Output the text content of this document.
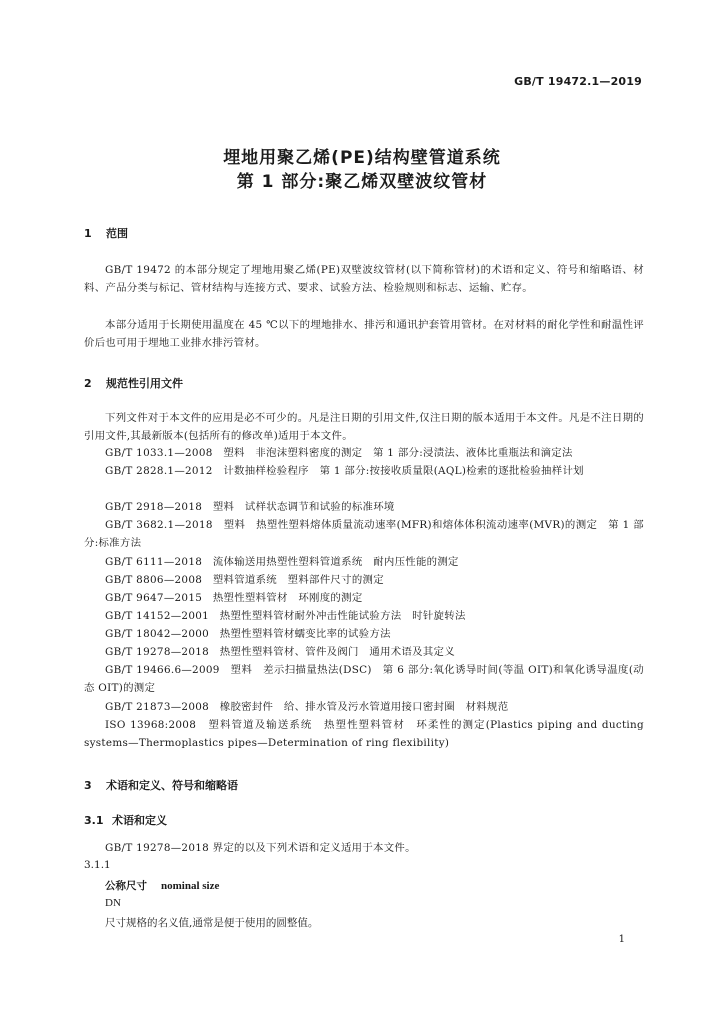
GB/T 19472.1—2019
埋地用聚乙烯(PE)结构壁管道系统
第 1 部分:聚乙烯双壁波纹管材
1 范围
GB/T 19472 的本部分规定了埋地用聚乙烯(PE)双壁波纹管材(以下简称管材)的术语和定义、符号和缩略语、材料、产品分类与标记、管材结构与连接方式、要求、试验方法、检验规则和标志、运输、贮存。
本部分适用于长期使用温度在 45 ℃以下的埋地排水、排污和通讯护套管用管材。在对材料的耐化学性和耐温性评价后也可用于埋地工业排水排污管材。
2 规范性引用文件
下列文件对于本文件的应用是必不可少的。凡是注日期的引用文件,仅注日期的版本适用于本文件。凡是不注日期的引用文件,其最新版本(包括所有的修改单)适用于本文件。
GB/T 1033.1—2008　塑料　非泡沫塑料密度的测定　第 1 部分:浸渍法、液体比重瓶法和滴定法
GB/T 2828.1—2012　计数抽样检验程序　第 1 部分:按接收质量限(AQL)检索的逐批检验抽样计划
GB/T 2918—2018　塑料　试样状态调节和试验的标准环境
GB/T 3682.1—2018　塑料　热塑性塑料熔体质量流动速率(MFR)和熔体体积流动速率(MVR)的测定　第 1 部分:标准方法
GB/T 6111—2018　流体输送用热塑性塑料管道系统　耐内压性能的测定
GB/T 8806—2008　塑料管道系统　塑料部件尺寸的测定
GB/T 9647—2015　热塑性塑料管材　环刚度的测定
GB/T 14152—2001　热塑性塑料管材耐外冲击性能试验方法　时针旋转法
GB/T 18042—2000　热塑性塑料管材蠕变比率的试验方法
GB/T 19278—2018　热塑性塑料管材、管件及阀门　通用术语及其定义
GB/T 19466.6—2009　塑料　差示扫描量热法(DSC)　第 6 部分:氧化诱导时间(等温 OIT)和氧化诱导温度(动态 OIT)的测定
GB/T 21873—2008　橡胶密封件　给、排水管及污水管道用接口密封圈　材料规范
ISO 13968:2008　塑料管道及输送系统　热塑性塑料管材　环柔性的测定(Plastics piping and ducting systems—Thermoplastics pipes—Determination of ring flexibility)
3 术语和定义、符号和缩略语
3.1 术语和定义
GB/T 19278—2018 界定的以及下列术语和定义适用于本文件。
3.1.1
公称尺寸 nominal size
DN
尺寸规格的名义值,通常是便于使用的圆整值。
1
